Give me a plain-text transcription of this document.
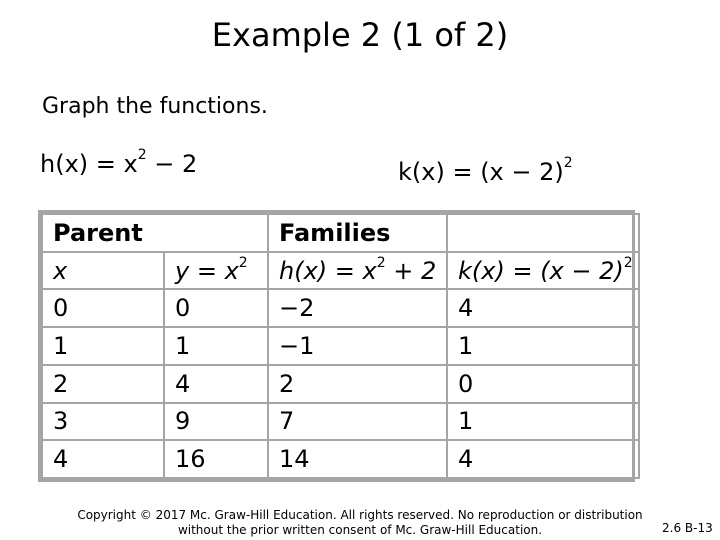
Example 2 (1 of 2)
Graph the functions.
$h(x) = x^2 - 2$	$k(x) = (x - 2)^2$
Parent		Families	
x	$y = x^2$	$h(x) = x^2 + 2$	$k(x) = (x - 2)^2$
0	0	−2	4
1	1	−1	1
2	4	2	0
3	9	7	1
4	16	14	4
Copyright © 2017 Mc. Graw-Hill Education. All rights reserved. No reproduction or distribution
without the prior written consent of Mc. Graw-Hill Education.	2.6 B-13
